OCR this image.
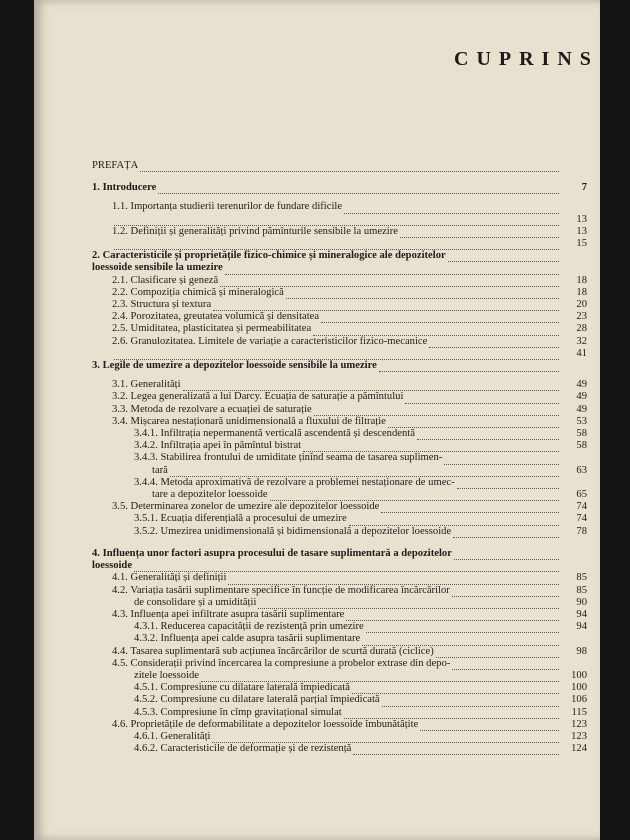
CUPRINS
PREFAȚA
1. Introducere	7
1.1. Importanța studierii terenurilor de fundare dificile
13
1.2. Definiții și generalități privind pămînturile sensibile la umezire	13
15
2. Caracteristicile și proprietățile fizico-chimice și mineralogice ale depozitelor
loessoide sensibile la umezire
2.1. Clasificare și geneză	18
2.2. Compoziția chimică și mineralogică	18
2.3. Structura și textura	20
2.4. Porozitatea, greutatea volumică și densitatea	23
2.5. Umiditatea, plasticitatea și permeabilitatea	28
2.6. Granulozitatea. Limitele de variație a caracteristicilor fizico-mecanice	32
41
3. Legile de umezire a depozitelor loessoide sensibile la umezire
3.1. Generalități	49
3.2. Legea generalizată a lui Darcy. Ecuația de saturație a pămîntului	49
3.3. Metoda de rezolvare a ecuației de saturație	49
3.4. Mișcarea nestaționară unidimensională a fluxului de filtrație	53
3.4.1. Infiltrația nepermanentă verticală ascendentă și descendentă	58
3.4.2. Infiltrația apei în pămîntul bistrat	58
3.4.3. Stabilirea frontului de umiditate ținînd seama de tasarea suplimen-
tară	63
3.4.4. Metoda aproximativă de rezolvare a problemei nestaționare de umec-
tare a depozitelor loessoide	65
3.5. Determinarea zonelor de umezire ale depozitelor loessoide	74
3.5.1. Ecuația diferențială a procesului de umezire	74
3.5.2. Umezirea unidimensională și bidimensională a depozitelor loessoide	78
4. Influența unor factori asupra procesului de tasare suplimentară a depozitelor
loessoide
4.1. Generalități și definiții	85
4.2. Variația tasării suplimentare specifice în funcție de modificarea încărcărilor	85
de consolidare și a umidității	90
4.3. Influența apei infiltrate asupra tasării suplimentare	94
4.3.1. Reducerea capacității de rezistență prin umezire	94
4.3.2. Influența apei calde asupra tasării suplimentare
4.4. Tasarea suplimentară sub acțiunea încărcărilor de scurtă durată (ciclice)	98
4.5. Considerații privind încercarea la compresiune a probelor extrase din depo-
zitele loessoide	100
4.5.1. Compresiune cu dilatare laterală împiedicată	100
4.5.2. Compresiune cu dilatare laterală parțial împiedicată	106
4.5.3. Compresiune în cîmp gravitațional simulat	115
4.6. Proprietățile de deformabilitate a depozitelor loessoide îmbunătățite	123
4.6.1. Generalități	123
4.6.2. Caracteristicile de deformație și de rezistență	124
